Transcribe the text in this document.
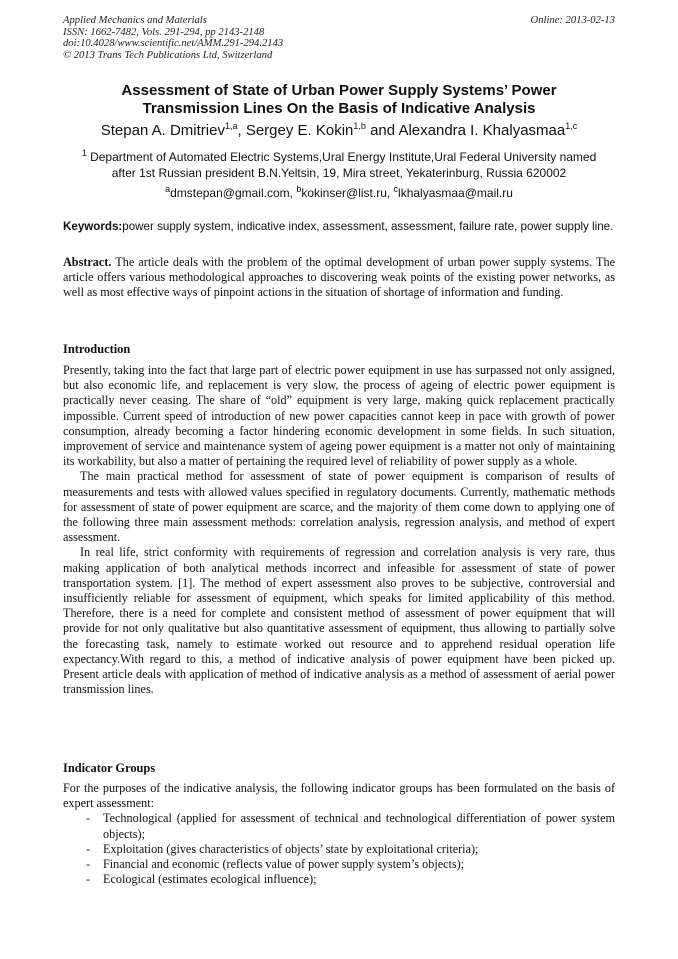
Applied Mechanics and Materials	Online: 2013-02-13
ISSN: 1662-7482, Vols. 291-294, pp 2143-2148
doi:10.4028/www.scientific.net/AMM.291-294.2143
© 2013 Trans Tech Publications Ltd, Switzerland
Assessment of State of Urban Power Supply Systems’ Power
Transmission Lines On the Basis of Indicative Analysis
Stepan A. Dmitriev$^{1,a}$, Sergey E. Kokin$^{1,b}$ and Alexandra I. Khalyasmaa$^{1,c}$
$^1$ Department of Automated Electric Systems,Ural Energy Institute,Ural Federal University named
after 1st Russian president B.N.Yeltsin, 19, Mira street, Yekaterinburg, Russia 620002
$^a$dmstepan@gmail.com, $^b$kokinser@list.ru, $^c$lkhalyasmaa@mail.ru
Keywords:power supply system, indicative index, assessment, assessment, failure rate, power supply line.

Abstract. The article deals with the problem of the optimal development of urban power supply systems. The article offers various methodological approaches to discovering weak points of the existing power networks, as well as most effective ways of pinpoint actions in the situation of shortage of information and funding.

Introduction

Presently, taking into the fact that large part of electric power equipment in use has surpassed not only assigned, but also economic life, and replacement is very slow, the process of ageing of electric power equipment is practically never ceasing. The share of “old” equipment is very large, making quick replacement practically impossible. Current speed of introduction of new power capacities cannot keep in pace with growth of power consumption, already becoming a factor hindering economic development in some fields. In such situation, improvement of service and maintenance system of ageing power equipment is a matter not only of maintaining its workability, but also a matter of pertaining the required level of reliability of power supply as a whole.

The main practical method for assessment of state of power equipment is comparison of results of measurements and tests with allowed values specified in regulatory documents. Currently, mathematic methods for assessment of state of power equipment are scarce, and the majority of them come down to applying one of the following three main assessment methods: correlation analysis, regression analysis, and method of expert assessment.

In real life, strict conformity with requirements of regression and correlation analysis is very rare, thus making application of both analytical methods incorrect and infeasible for assessment of state of power transportation system. [1]. The method of expert assessment also proves to be subjective, controversial and insufficiently reliable for assessment of equipment, which speaks for limited applicability of this method. Therefore, there is a need for complete and consistent method of assessment of power equipment that will provide for not only qualitative but also quantitative assessment of equipment, thus allowing to partially solve the forecasting task, namely to estimate worked out resource and to apprehend residual operation life expectancy.With regard to this, a method of indicative analysis of power equipment have been picked up. Present article deals with application of method of indicative analysis as a method of assessment of aerial power transmission lines.

Indicator Groups

For the purposes of the indicative analysis, the following indicator groups has been formulated on the basis of expert assessment:

- Technological (applied for assessment of technical and technological differentiation of power system objects);
- Exploitation (gives characteristics of objects’ state by exploitational criteria);
- Financial and economic (reflects value of power supply system’s objects);
- Ecological (estimates ecological influence);
